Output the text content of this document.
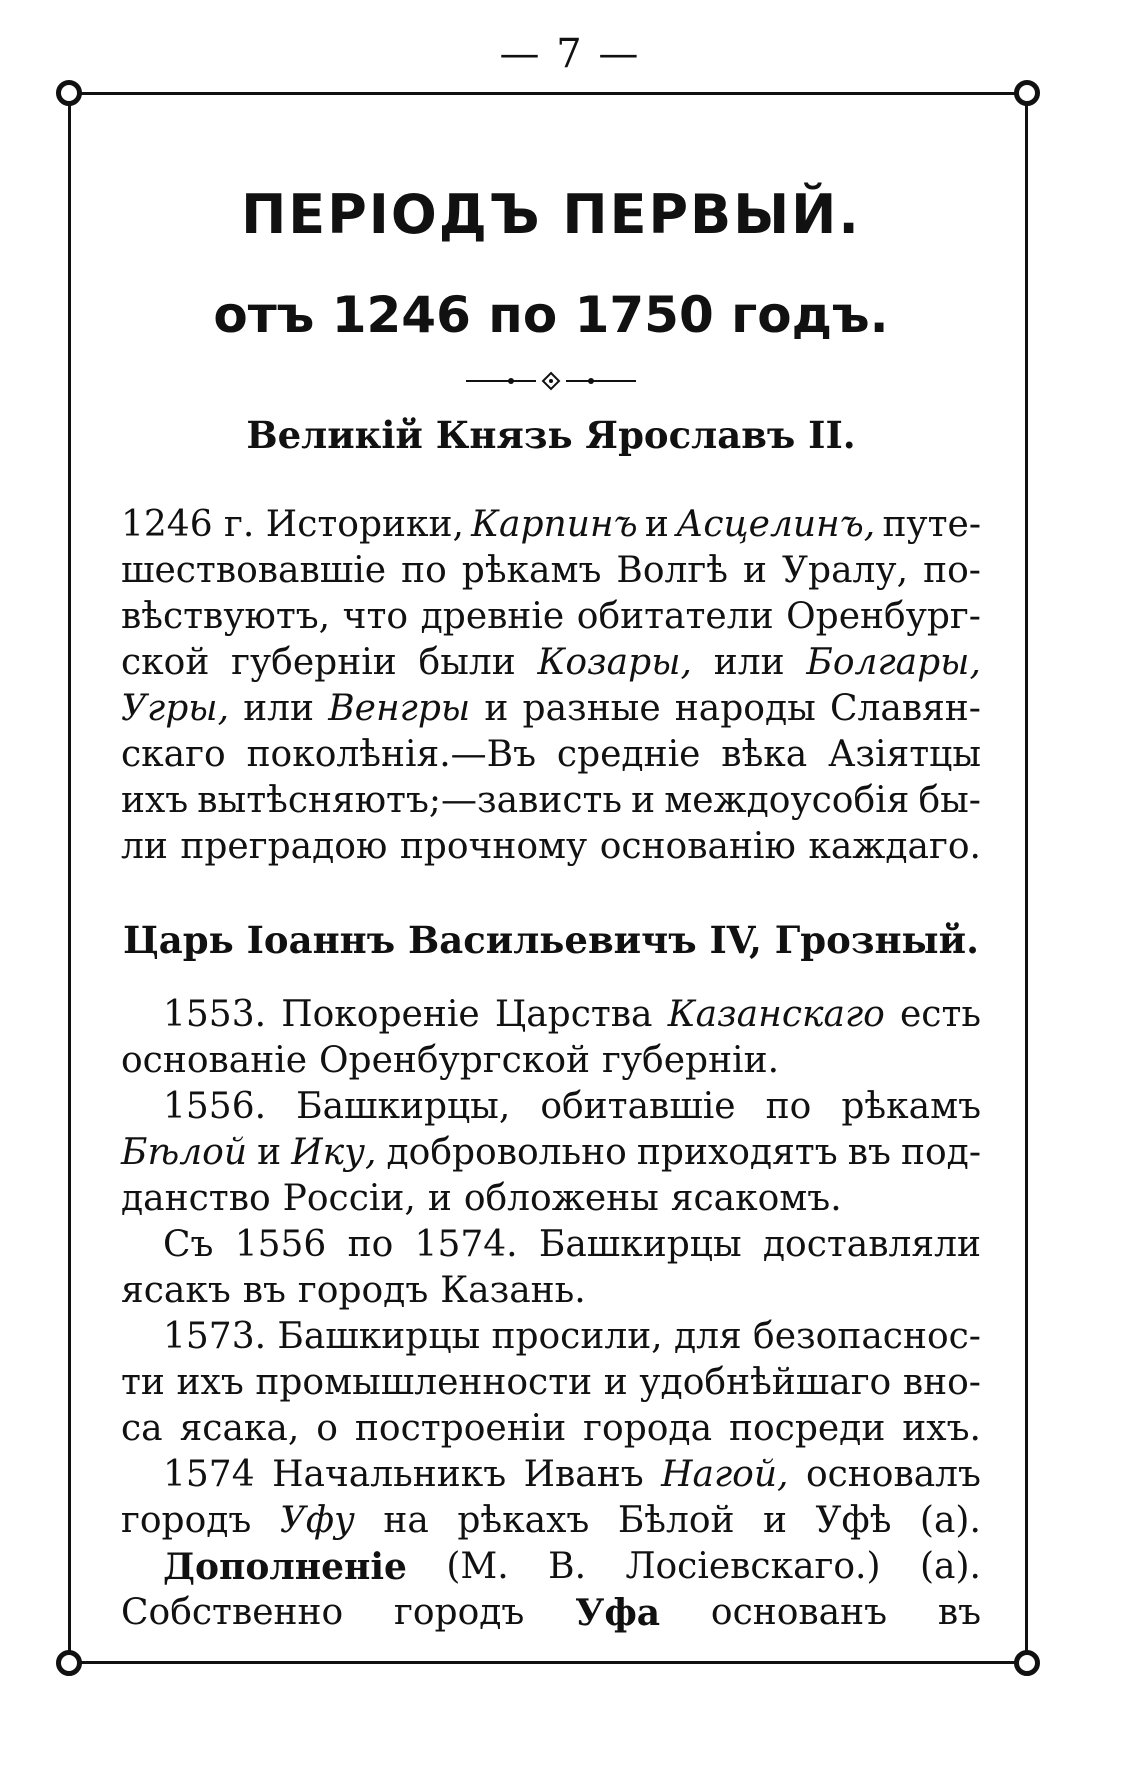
— 7 —
ПЕРІОДЪ ПЕРВЫЙ.
отъ 1246 по 1750 годъ.
Великій Князь Ярославъ II.
1246 г. Историки, Карпинъ и Асцелинъ, путе-
шествовавшіе по рѣкамъ Волгѣ и Уралу, по-
вѣствуютъ, что древніе обитатели Оренбург-
ской губерніи были Козары, или Болгары,
Угры, или Венгры и разные народы Славян-
скаго поколѣнія.—Въ средніе вѣка Азіятцы
ихъ вытѣсняютъ;—зависть и междоусобія бы-
ли преградою прочному основанію каждаго.
Царь Іоаннъ Васильевичъ IV, Грозный.
1553. Покореніе Царства Казанскаго есть
основаніе Оренбургской губерніи.
1556. Башкирцы, обитавшіе по рѣкамъ
Бѣлой и Ику, добровольно приходятъ въ под-
данство Россіи, и обложены ясакомъ.
Съ 1556 по 1574. Башкирцы доставляли
ясакъ въ городъ Казань.
1573. Башкирцы просили, для безопаснос-
ти ихъ промышленности и удобнѣйшаго вно-
са ясака, о построеніи города посреди ихъ.
1574 Начальникъ Иванъ Нагой, основалъ
городъ Уфу на рѣкахъ Бѣлой и Уфѣ (а).
Дополненіе (М. В. Лосіевскаго.) (а).
Собственно городъ Уфа основанъ въ
